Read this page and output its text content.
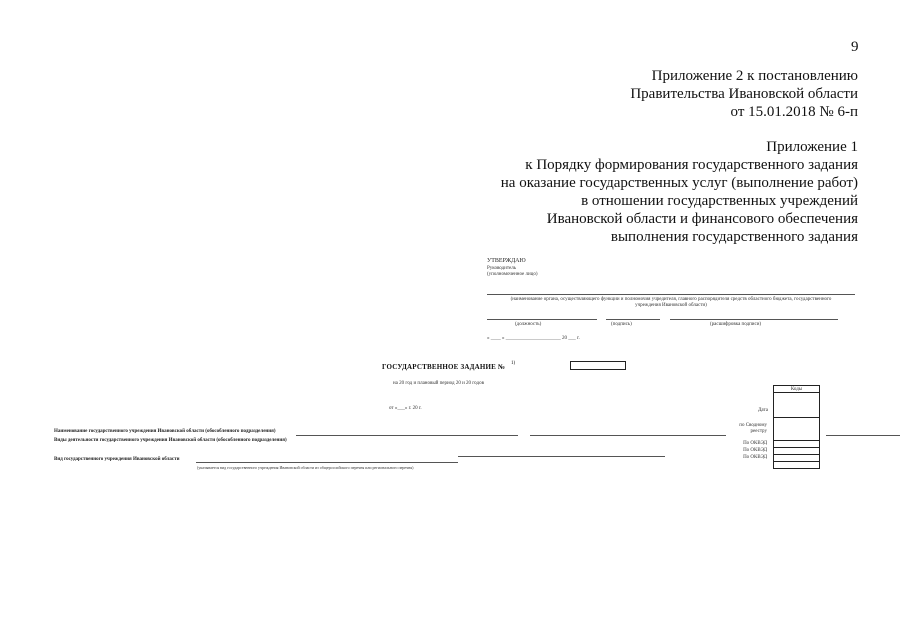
9
Приложение 2 к постановлению
Правительства Ивановской области
от 15.01.2018 № 6-п
Приложение 1
к Порядку формирования государственного задания
на оказание государственных услуг (выполнение работ)
в отношении государственных учреждений
Ивановской области и финансового обеспечения
выполнения государственного задания
УТВЕРЖДАЮ
Руководитель
(уполномоченное лицо)
(наименование органа, осуществляющего функции и полномочия учредителя, главного распорядителя средств областного бюджета, государственного
учреждения Ивановской области)
(должность)	(подпись)	(расшифровка подписи)
« ____ » ______________________ 20 ___ г.
ГОСУДАРСТВЕННОЕ ЗАДАНИЕ № 1)
на 20 год и плановый период 20 и 20 годов
от «___» г. 20 г.
Коды
Дата
по Сводному
реестру
По ОКВЭД
По ОКВЭД
По ОКВЭД
Наименование государственного учреждения Ивановской области (обособленного подразделения)
Виды деятельности государственного учреждения Ивановской области (обособленного подразделения)
Вид государственного учреждения Ивановской области
(указывается вид государственного учреждения Ивановской области из общероссийского перечня или регионального перечня)
